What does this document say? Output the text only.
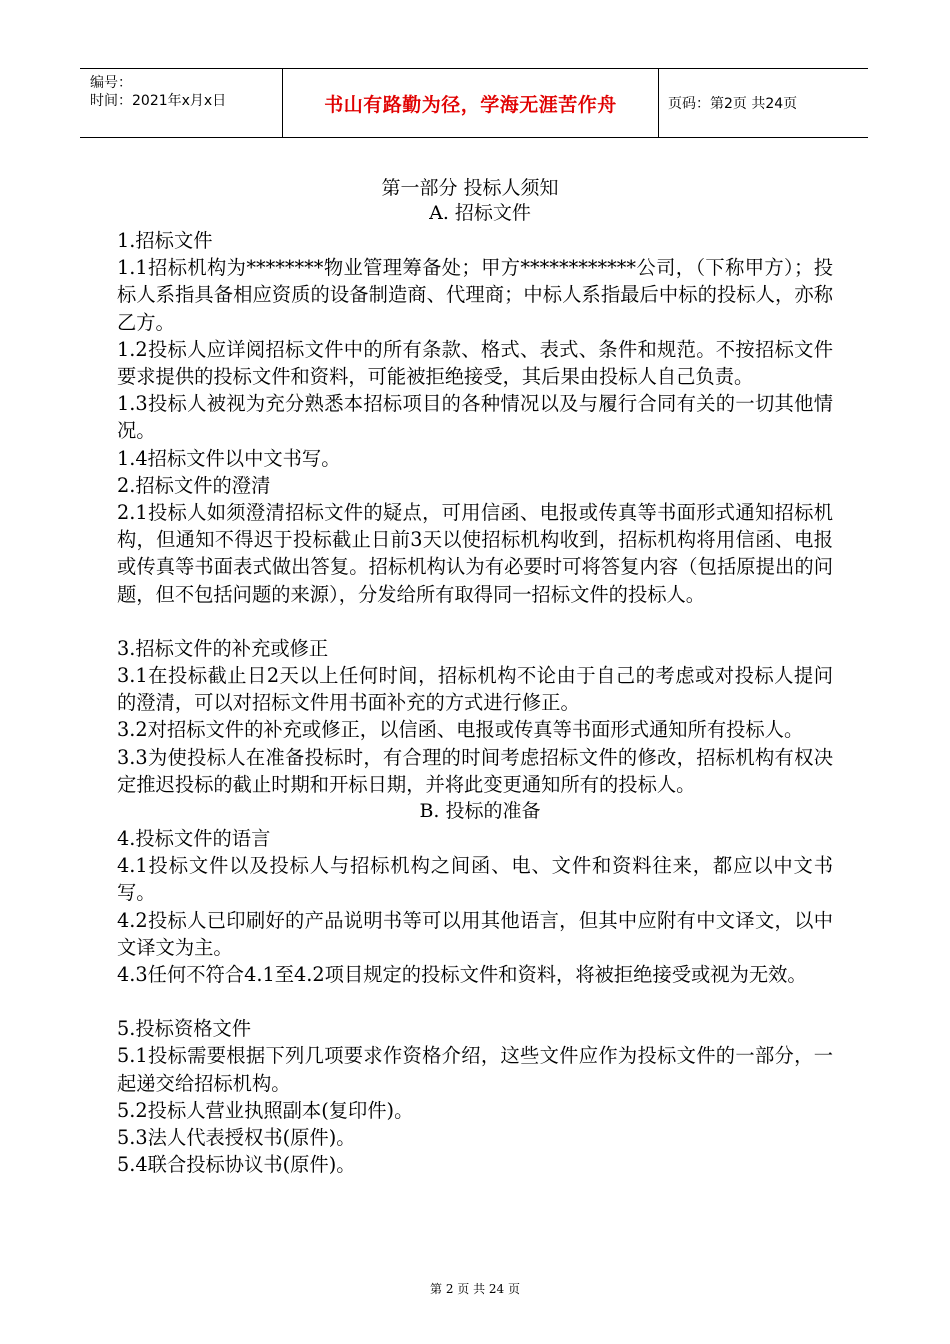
编号：
时间：2021年x月x日	书山有路勤为径，学海无涯苦作舟	页码：第2页 共24页
第一部分 投标人须知
A. 招标文件

1.招标文件

1.1招标机构为********物业管理筹备处；甲方************公司，（下称甲方）；投标人系指具备相应资质的设备制造商、代理商；中标人系指最后中标的投标人，亦称乙方。

1.2投标人应详阅招标文件中的所有条款、格式、表式、条件和规范。不按招标文件要求提供的投标文件和资料，可能被拒绝接受，其后果由投标人自己负责。

1.3投标人被视为充分熟悉本招标项目的各种情况以及与履行合同有关的一切其他情况。

1.4招标文件以中文书写。

2.招标文件的澄清

2.1投标人如须澄清招标文件的疑点，可用信函、电报或传真等书面形式通知招标机构，但通知不得迟于投标截止日前3天以使招标机构收到，招标机构将用信函、电报或传真等书面表式做出答复。招标机构认为有必要时可将答复内容（包括原提出的问题，但不包括问题的来源），分发给所有取得同一招标文件的投标人。

3.招标文件的补充或修正

3.1在投标截止日2天以上任何时间，招标机构不论由于自己的考虑或对投标人提问的澄清，可以对招标文件用书面补充的方式进行修正。

3.2对招标文件的补充或修正，以信函、电报或传真等书面形式通知所有投标人。

3.3为使投标人在准备投标时，有合理的时间考虑招标文件的修改，招标机构有权决定推迟投标的截止时期和开标日期，并将此变更通知所有的投标人。

B. 投标的准备

4.投标文件的语言

4.1投标文件以及投标人与招标机构之间函、电、文件和资料往来，都应以中文书写。

4.2投标人已印刷好的产品说明书等可以用其他语言，但其中应附有中文译文，以中文译文为主。

4.3任何不符合4.1至4.2项目规定的投标文件和资料，将被拒绝接受或视为无效。

5.投标资格文件

5.1投标需要根据下列几项要求作资格介绍，这些文件应作为投标文件的一部分，一起递交给招标机构。

5.2投标人营业执照副本(复印件)。

5.3法人代表授权书(原件)。

5.4联合投标协议书(原件)。

第 2 页 共 24 页
